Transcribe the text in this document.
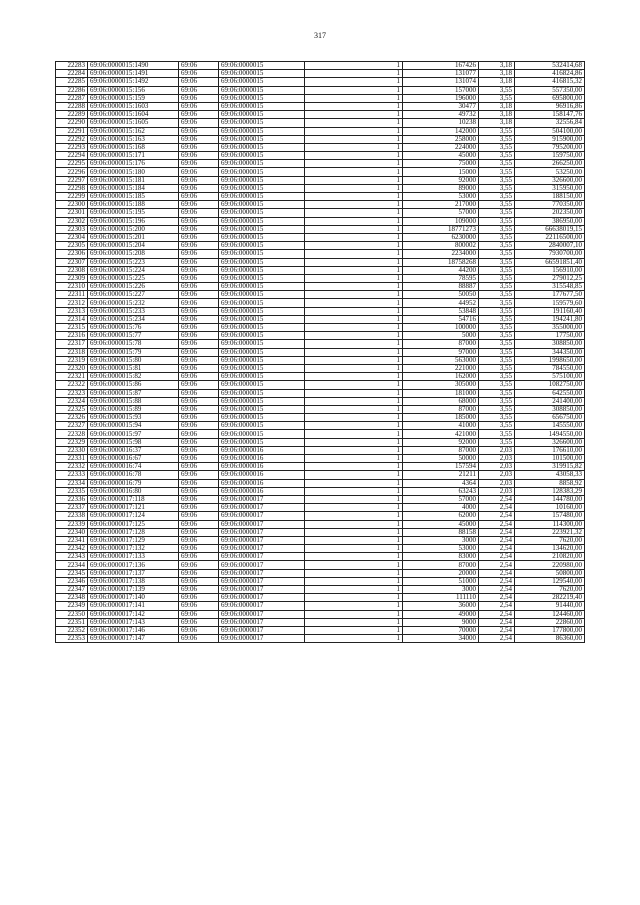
317
22283	69:06:0000015:1490	69:06	69:06:0000015	1	167426	3,18	532414,68
22284	69:06:0000015:1491	69:06	69:06:0000015	1	131077	3,18	416824,86
22285	69:06:0000015:1492	69:06	69:06:0000015	1	131074	3,18	416815,32
22286	69:06:0000015:156	69:06	69:06:0000015	1	157000	3,55	557350,00
22287	69:06:0000015:159	69:06	69:06:0000015	1	196000	3,55	695800,00
22288	69:06:0000015:1603	69:06	69:06:0000015	1	30477	3,18	96916,86
22289	69:06:0000015:1604	69:06	69:06:0000015	1	49732	3,18	158147,76
22290	69:06:0000015:1605	69:06	69:06:0000015	1	10238	3,18	32556,84
22291	69:06:0000015:162	69:06	69:06:0000015	1	142000	3,55	504100,00
22292	69:06:0000015:163	69:06	69:06:0000015	1	258000	3,55	915900,00
22293	69:06:0000015:168	69:06	69:06:0000015	1	224000	3,55	795200,00
22294	69:06:0000015:171	69:06	69:06:0000015	1	45000	3,55	159750,00
22295	69:06:0000015:176	69:06	69:06:0000015	1	75000	3,55	266250,00
22296	69:06:0000015:180	69:06	69:06:0000015	1	15000	3,55	53250,00
22297	69:06:0000015:181	69:06	69:06:0000015	1	92000	3,55	326600,00
22298	69:06:0000015:184	69:06	69:06:0000015	1	89000	3,55	315950,00
22299	69:06:0000015:185	69:06	69:06:0000015	1	53000	3,55	188150,00
22300	69:06:0000015:188	69:06	69:06:0000015	1	217000	3,55	770350,00
22301	69:06:0000015:195	69:06	69:06:0000015	1	57000	3,55	202350,00
22302	69:06:0000015:196	69:06	69:06:0000015	1	109000	3,55	386950,00
22303	69:06:0000015:200	69:06	69:06:0000015	1	18771273	3,55	66638019,15
22304	69:06:0000015:201	69:06	69:06:0000015	1	6230000	3,55	22116500,00
22305	69:06:0000015:204	69:06	69:06:0000015	1	800002	3,55	2840007,10
22306	69:06:0000015:208	69:06	69:06:0000015	1	2234000	3,55	7930700,00
22307	69:06:0000015:223	69:06	69:06:0000015	1	18758268	3,55	66591851,40
22308	69:06:0000015:224	69:06	69:06:0000015	1	44200	3,55	156910,00
22309	69:06:0000015:225	69:06	69:06:0000015	1	78595	3,55	279012,25
22310	69:06:0000015:226	69:06	69:06:0000015	1	88887	3,55	315548,85
22311	69:06:0000015:227	69:06	69:06:0000015	1	50050	3,55	177677,50
22312	69:06:0000015:232	69:06	69:06:0000015	1	44952	3,55	159579,60
22313	69:06:0000015:233	69:06	69:06:0000015	1	53848	3,55	191160,40
22314	69:06:0000015:234	69:06	69:06:0000015	1	54716	3,55	194241,80
22315	69:06:0000015:76	69:06	69:06:0000015	1	100000	3,55	355000,00
22316	69:06:0000015:77	69:06	69:06:0000015	1	5000	3,55	17750,00
22317	69:06:0000015:78	69:06	69:06:0000015	1	87000	3,55	308850,00
22318	69:06:0000015:79	69:06	69:06:0000015	1	97000	3,55	344350,00
22319	69:06:0000015:80	69:06	69:06:0000015	1	563000	3,55	1998650,00
22320	69:06:0000015:81	69:06	69:06:0000015	1	221000	3,55	784550,00
22321	69:06:0000015:82	69:06	69:06:0000015	1	162000	3,55	575100,00
22322	69:06:0000015:86	69:06	69:06:0000015	1	305000	3,55	1082750,00
22323	69:06:0000015:87	69:06	69:06:0000015	1	181000	3,55	642550,00
22324	69:06:0000015:88	69:06	69:06:0000015	1	68000	3,55	241400,00
22325	69:06:0000015:89	69:06	69:06:0000015	1	87000	3,55	308850,00
22326	69:06:0000015:93	69:06	69:06:0000015	1	185000	3,55	656750,00
22327	69:06:0000015:94	69:06	69:06:0000015	1	41000	3,55	145550,00
22328	69:06:0000015:97	69:06	69:06:0000015	1	421000	3,55	1494550,00
22329	69:06:0000015:98	69:06	69:06:0000015	1	92000	3,55	326600,00
22330	69:06:0000016:37	69:06	69:06:0000016	1	87000	2,03	176610,00
22331	69:06:0000016:67	69:06	69:06:0000016	1	50000	2,03	101500,00
22332	69:06:0000016:74	69:06	69:06:0000016	1	157594	2,03	319915,82
22333	69:06:0000016:78	69:06	69:06:0000016	1	21211	2,03	43058,33
22334	69:06:0000016:79	69:06	69:06:0000016	1	4364	2,03	8858,92
22335	69:06:0000016:80	69:06	69:06:0000016	1	63243	2,03	128383,29
22336	69:06:0000017:118	69:06	69:06:0000017	1	57000	2,54	144780,00
22337	69:06:0000017:121	69:06	69:06:0000017	1	4000	2,54	10160,00
22338	69:06:0000017:124	69:06	69:06:0000017	1	62000	2,54	157480,00
22339	69:06:0000017:125	69:06	69:06:0000017	1	45000	2,54	114300,00
22340	69:06:0000017:128	69:06	69:06:0000017	1	88158	2,54	223921,32
22341	69:06:0000017:129	69:06	69:06:0000017	1	3000	2,54	7620,00
22342	69:06:0000017:132	69:06	69:06:0000017	1	53000	2,54	134620,00
22343	69:06:0000017:133	69:06	69:06:0000017	1	83000	2,54	210820,00
22344	69:06:0000017:136	69:06	69:06:0000017	1	87000	2,54	220980,00
22345	69:06:0000017:137	69:06	69:06:0000017	1	20000	2,54	50800,00
22346	69:06:0000017:138	69:06	69:06:0000017	1	51000	2,54	129540,00
22347	69:06:0000017:139	69:06	69:06:0000017	1	3000	2,54	7620,00
22348	69:06:0000017:140	69:06	69:06:0000017	1	111110	2,54	282219,40
22349	69:06:0000017:141	69:06	69:06:0000017	1	36000	2,54	91440,00
22350	69:06:0000017:142	69:06	69:06:0000017	1	49000	2,54	124460,00
22351	69:06:0000017:143	69:06	69:06:0000017	1	9000	2,54	22860,00
22352	69:06:0000017:146	69:06	69:06:0000017	1	70000	2,54	177800,00
22353	69:06:0000017:147	69:06	69:06:0000017	1	34000	2,54	86360,00
